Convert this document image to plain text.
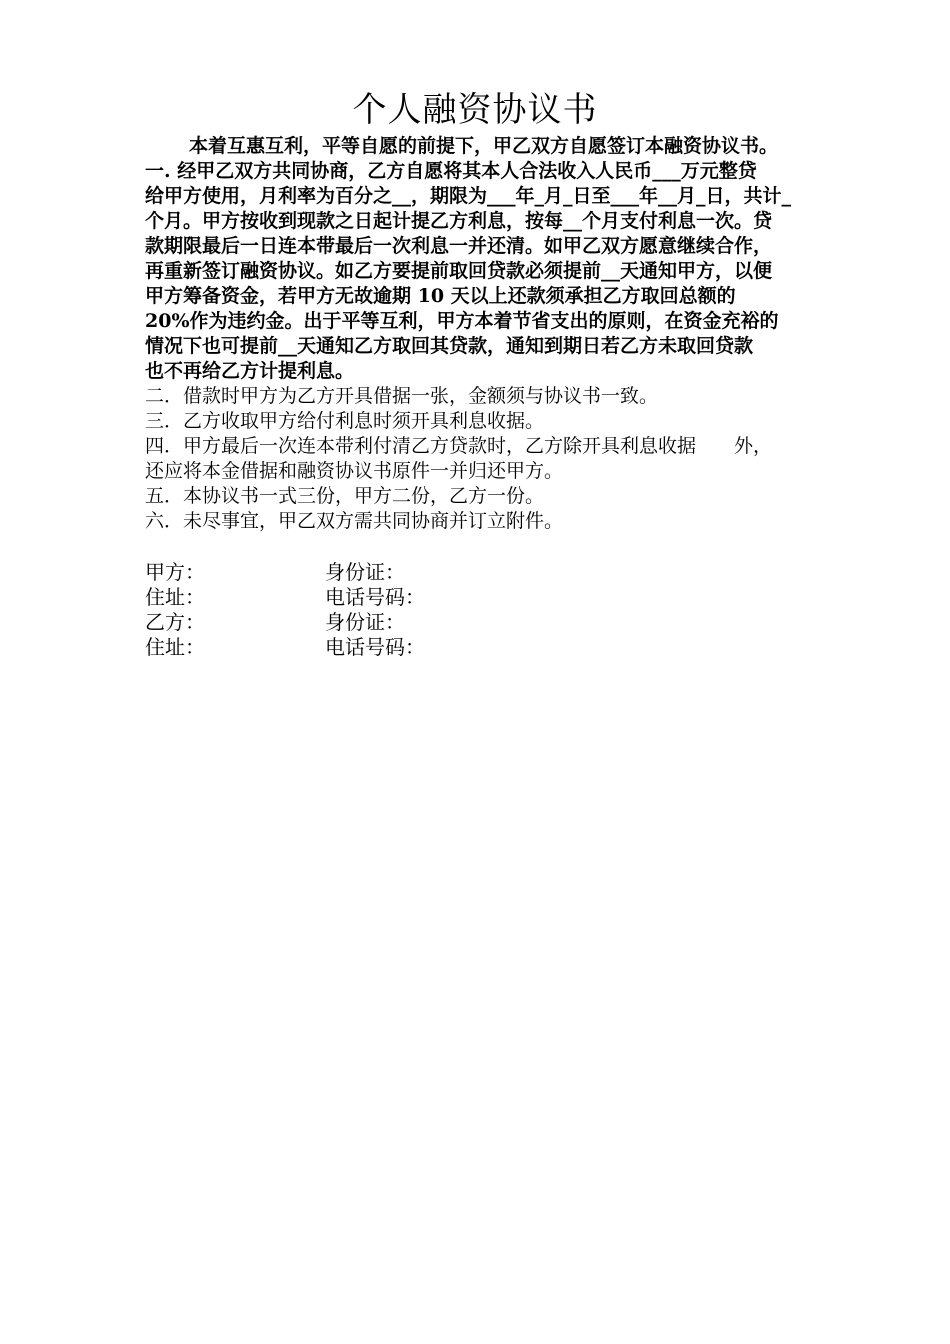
个人融资协议书
本着互惠互利，平等自愿的前提下，甲乙双方自愿签订本融资协议书。
一. 经甲乙双方共同协商，乙方自愿将其本人合法收入人民币___万元整贷
给甲方使用，月利率为百分之__，期限为___年_月_日至___年__月_日，共计_
个月。甲方按收到现款之日起计提乙方利息，按每__个月支付利息一次。贷
款期限最后一日连本带最后一次利息一并还清。如甲乙双方愿意继续合作，
再重新签订融资协议。如乙方要提前取回贷款必须提前__天通知甲方，以便
甲方筹备资金，若甲方无故逾期 10 天以上还款须承担乙方取回总额的
20%作为违约金。出于平等互利，甲方本着节省支出的原则，在资金充裕的
情况下也可提前__天通知乙方取回其贷款，通知到期日若乙方未取回贷款
也不再给乙方计提利息。
二．借款时甲方为乙方开具借据一张，金额须与协议书一致。
三．乙方收取甲方给付利息时须开具利息收据。
四．甲方最后一次连本带利付清乙方贷款时，乙方除开具利息收据　　外，
还应将本金借据和融资协议书原件一并归还甲方。
五．本协议书一式三份，甲方二份，乙方一份。
六．未尽事宜，甲乙双方需共同协商并订立附件。
甲方：	身份证：
住址：	电话号码：
乙方：	身份证：
住址：	电话号码：
